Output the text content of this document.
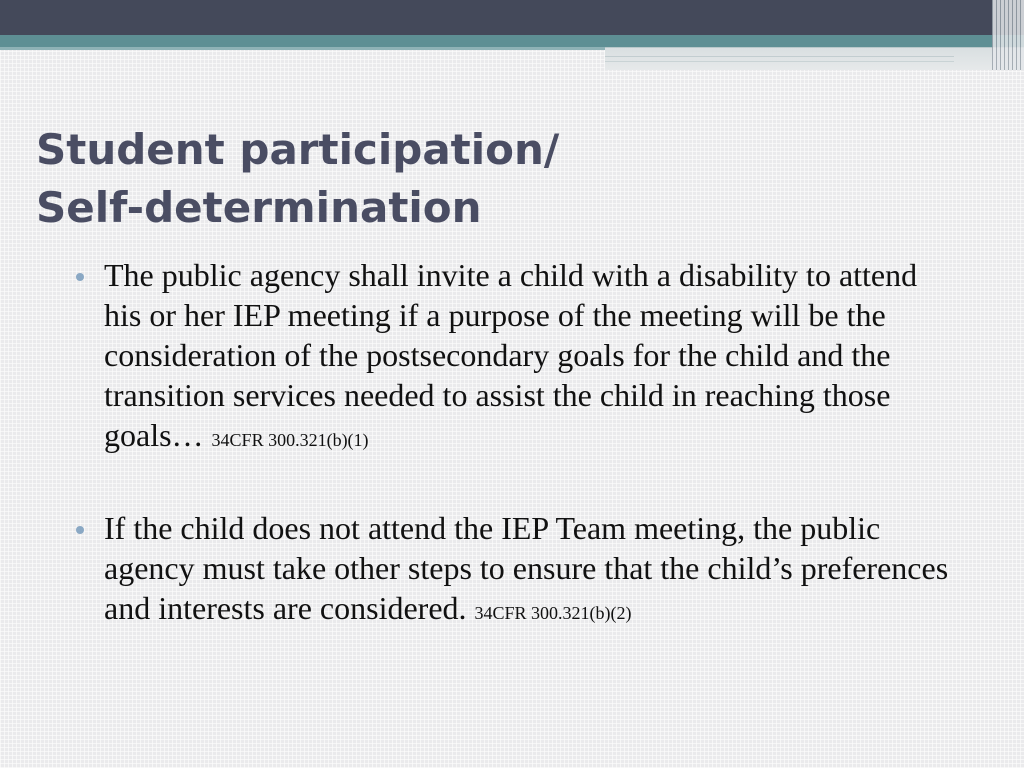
Student participation/
Self-determination
The public agency shall invite a child with a disability to attend his or her IEP meeting if a purpose of the meeting will be the consideration of the postsecondary goals for the child and the transition services needed to assist the child in reaching those goals… 34CFR 300.321(b)(1)
If the child does not attend the IEP Team meeting, the public agency must take other steps to ensure that the child’s preferences and interests are considered. 34CFR 300.321(b)(2)
